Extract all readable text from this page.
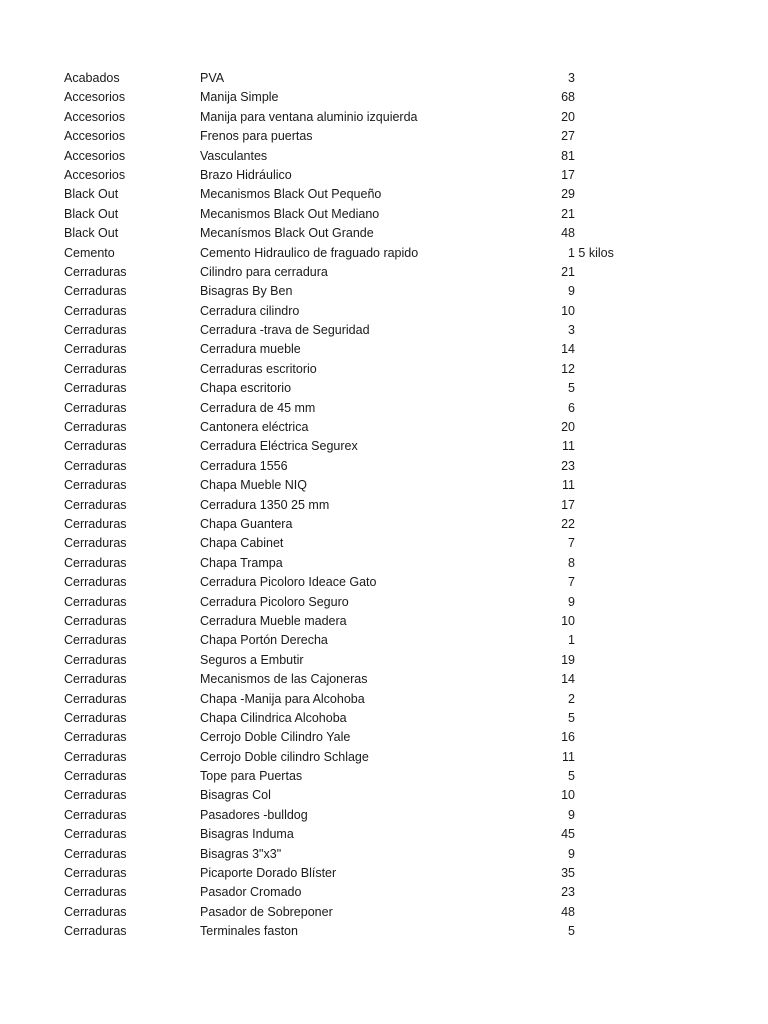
Acabados	PVA	3
Accesorios	Manija Simple	68
Accesorios	Manija para ventana aluminio izquierda	20
Accesorios	Frenos para puertas	27
Accesorios	Vasculantes	81
Accesorios	Brazo Hidráulico	17
Black Out	Mecanismos Black Out Pequeño	29
Black Out	Mecanismos Black Out Mediano	21
Black Out	Mecanísmos Black Out Grande	48
Cemento	Cemento Hidraulico de fraguado rapido	1 5 kilos
Cerraduras	Cilindro para cerradura	21
Cerraduras	Bisagras By Ben	9
Cerraduras	Cerradura cilindro	10
Cerraduras	Cerradura -trava de Seguridad	3
Cerraduras	Cerradura mueble	14
Cerraduras	Cerraduras escritorio	12
Cerraduras	Chapa escritorio	5
Cerraduras	Cerradura de 45 mm	6
Cerraduras	Cantonera eléctrica	20
Cerraduras	Cerradura Eléctrica Segurex	11
Cerraduras	Cerradura 1556	23
Cerraduras	Chapa Mueble NIQ	11
Cerraduras	Cerradura 1350 25 mm	17
Cerraduras	Chapa Guantera	22
Cerraduras	Chapa Cabinet	7
Cerraduras	Chapa Trampa	8
Cerraduras	Cerradura Picoloro Ideace Gato	7
Cerraduras	Cerradura Picoloro Seguro	9
Cerraduras	Cerradura Mueble madera	10
Cerraduras	Chapa Portón Derecha	1
Cerraduras	Seguros a Embutir	19
Cerraduras	Mecanismos de las Cajoneras	14
Cerraduras	Chapa -Manija para Alcohoba	2
Cerraduras	Chapa Cilindrica Alcohoba	5
Cerraduras	Cerrojo Doble Cilindro Yale	16
Cerraduras	Cerrojo Doble cilindro Schlage	11
Cerraduras	Tope para Puertas	5
Cerraduras	Bisagras Col	10
Cerraduras	Pasadores -bulldog	9
Cerraduras	Bisagras Induma	45
Cerraduras	Bisagras 3"x3"	9
Cerraduras	Picaporte Dorado Blíster	35
Cerraduras	Pasador Cromado	23
Cerraduras	Pasador de Sobreponer	48
Cerraduras	Terminales faston	5
